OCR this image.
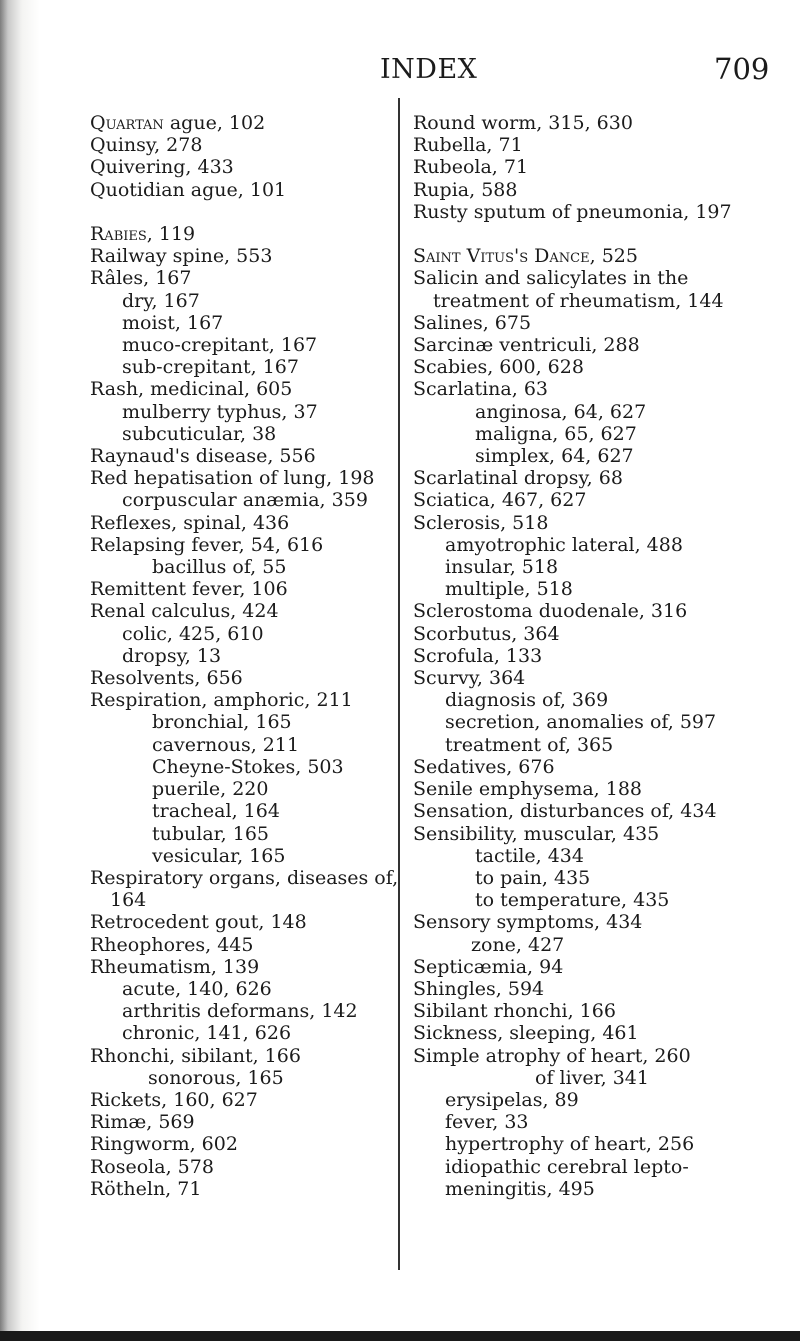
INDEX	709
Quartan ague, 102
Quinsy, 278
Quivering, 433
Quotidian ague, 101

Rabies, 119
Railway spine, 553
Râles, 167
dry, 167
moist, 167
muco-crepitant, 167
sub-crepitant, 167
Rash, medicinal, 605
mulberry typhus, 37
subcuticular, 38
Raynaud's disease, 556
Red hepatisation of lung, 198
corpuscular anæmia, 359
Reflexes, spinal, 436
Relapsing fever, 54, 616
bacillus of, 55
Remittent fever, 106
Renal calculus, 424
colic, 425, 610
dropsy, 13
Resolvents, 656
Respiration, amphoric, 211
bronchial, 165
cavernous, 211
Cheyne-Stokes, 503
puerile, 220
tracheal, 164
tubular, 165
vesicular, 165
Respiratory organs, diseases of,
164
Retrocedent gout, 148
Rheophores, 445
Rheumatism, 139
acute, 140, 626
arthritis deformans, 142
chronic, 141, 626
Rhonchi, sibilant, 166
sonorous, 165
Rickets, 160, 627
Rimæ, 569
Ringworm, 602
Roseola, 578
Rötheln, 71
Round worm, 315, 630
Rubella, 71
Rubeola, 71
Rupia, 588
Rusty sputum of pneumonia, 197

Saint Vitus's Dance, 525
Salicin and salicylates in the
treatment of rheumatism, 144
Salines, 675
Sarcinæ ventriculi, 288
Scabies, 600, 628
Scarlatina, 63
anginosa, 64, 627
maligna, 65, 627
simplex, 64, 627
Scarlatinal dropsy, 68
Sciatica, 467, 627
Sclerosis, 518
amyotrophic lateral, 488
insular, 518
multiple, 518
Sclerostoma duodenale, 316
Scorbutus, 364
Scrofula, 133
Scurvy, 364
diagnosis of, 369
secretion, anomalies of, 597
treatment of, 365
Sedatives, 676
Senile emphysema, 188
Sensation, disturbances of, 434
Sensibility, muscular, 435
tactile, 434
to pain, 435
to temperature, 435
Sensory symptoms, 434
zone, 427
Septicæmia, 94
Shingles, 594
Sibilant rhonchi, 166
Sickness, sleeping, 461
Simple atrophy of heart, 260
of liver, 341
erysipelas, 89
fever, 33
hypertrophy of heart, 256
idiopathic cerebral lepto-
meningitis, 495
